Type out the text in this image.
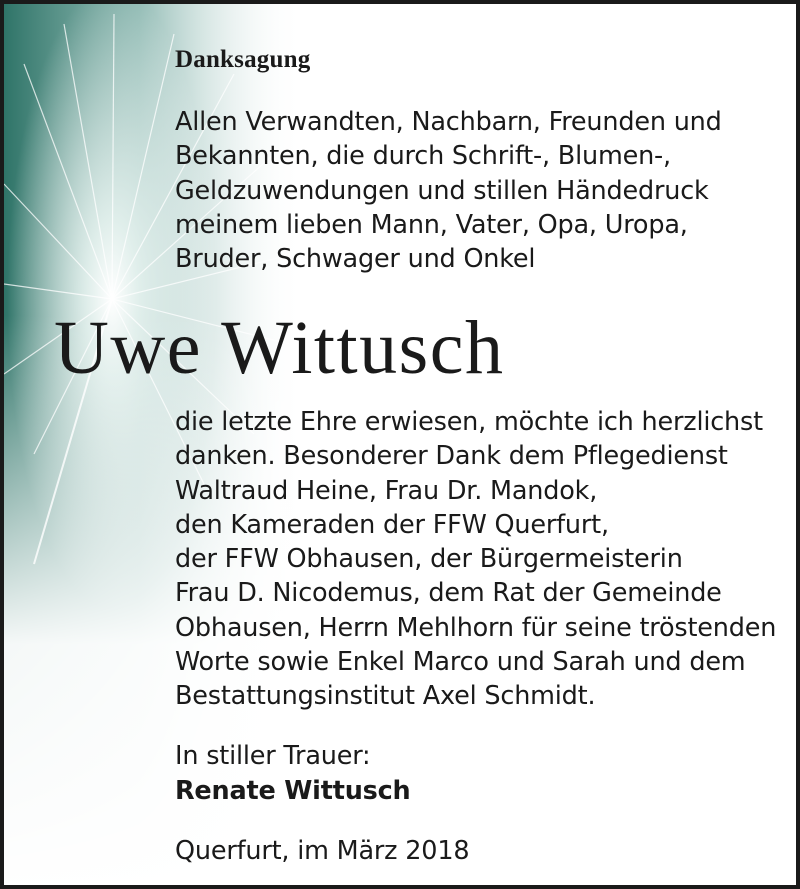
Danksagung

Allen Verwandten, Nachbarn, Freunden und
Bekannten, die durch Schrift-, Blumen-,
Geldzuwendungen und stillen Händedruck
meinem lieben Mann, Vater, Opa, Uropa,
Bruder, Schwager und Onkel

Uwe Wittusch

die letzte Ehre erwiesen, möchte ich herzlichst
danken. Besonderer Dank dem Pflegedienst
Waltraud Heine, Frau Dr. Mandok,
den Kameraden der FFW Querfurt,
der FFW Obhausen, der Bürgermeisterin
Frau D. Nicodemus, dem Rat der Gemeinde
Obhausen, Herrn Mehlhorn für seine tröstenden
Worte sowie Enkel Marco und Sarah und dem
Bestattungsinstitut Axel Schmidt.

In stiller Trauer:
Renate Wittusch
Querfurt, im März 2018
